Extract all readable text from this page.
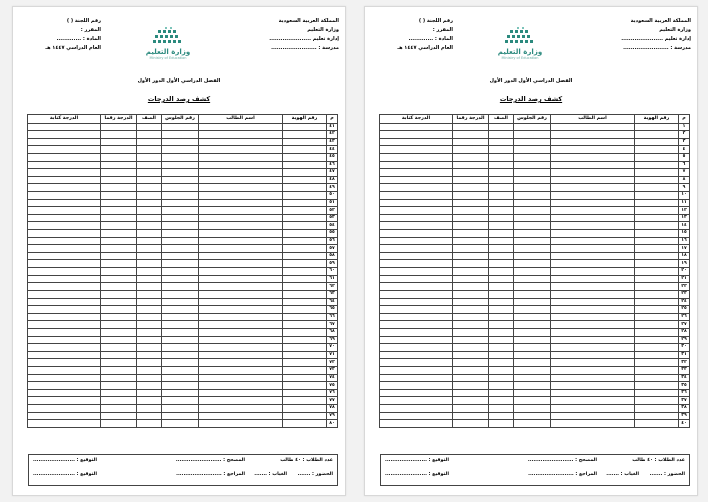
المملكة العربية السعودية
وزارة التعليم
إدارة تعليم ......................
مدرسة : ........................
وزارة التعليم
Ministry of Education
رقم اللجنة ( )
المقرر :
المادة : .............
العام الدراسي ١٤٤٧ هـ
الفصل الدراسي الأول الدور الأول
كشف رصد الدرجات
م	رقم الهوية	اسم الطالب	رقم الجلوس	الصف	الدرجة رقماً	الدرجة كتابة
٤١						
٤٢						
٤٣						
٤٤						
٤٥						
٤٦						
٤٧						
٤٨						
٤٩						
٥٠						
٥١						
٥٢						
٥٣						
٥٤						
٥٥						
٥٦						
٥٧						
٥٨						
٥٩						
٦٠						
٦١						
٦٢						
٦٣						
٦٤						
٦٥						
٦٦						
٦٧						
٦٨						
٦٩						
٧٠						
٧١						
٧٢						
٧٣						
٧٤						
٧٥						
٧٦						
٧٧						
٧٨						
٧٩						
٨٠						
عدد الطلاب : ٤٠ طالب
المصحح : .........................
التوقيع : .......................
الحضور : .......
الغياب : .......
المراجع : .........................
التوقيع : .......................
المملكة العربية السعودية
وزارة التعليم
إدارة تعليم ......................
مدرسة : ........................
وزارة التعليم
Ministry of Education
رقم اللجنة ( )
المقرر :
المادة : .............
العام الدراسي ١٤٤٧ هـ
الفصل الدراسي الأول الدور الأول
كشف رصد الدرجات
م	رقم الهوية	اسم الطالب	رقم الجلوس	الصف	الدرجة رقماً	الدرجة كتابة
١						
٢						
٣						
٤						
٥						
٦						
٧						
٨						
٩						
١٠						
١١						
١٢						
١٣						
١٤						
١٥						
١٦						
١٧						
١٨						
١٩						
٢٠						
٢١						
٢٢						
٢٣						
٢٤						
٢٥						
٢٦						
٢٧						
٢٨						
٢٩						
٣٠						
٣١						
٣٢						
٣٣						
٣٤						
٣٥						
٣٦						
٣٧						
٣٨						
٣٩						
٤٠						
عدد الطلاب : ٤٠ طالب
المصحح : .........................
التوقيع : .......................
الحضور : .......
الغياب : .......
المراجع : .........................
التوقيع : .......................
